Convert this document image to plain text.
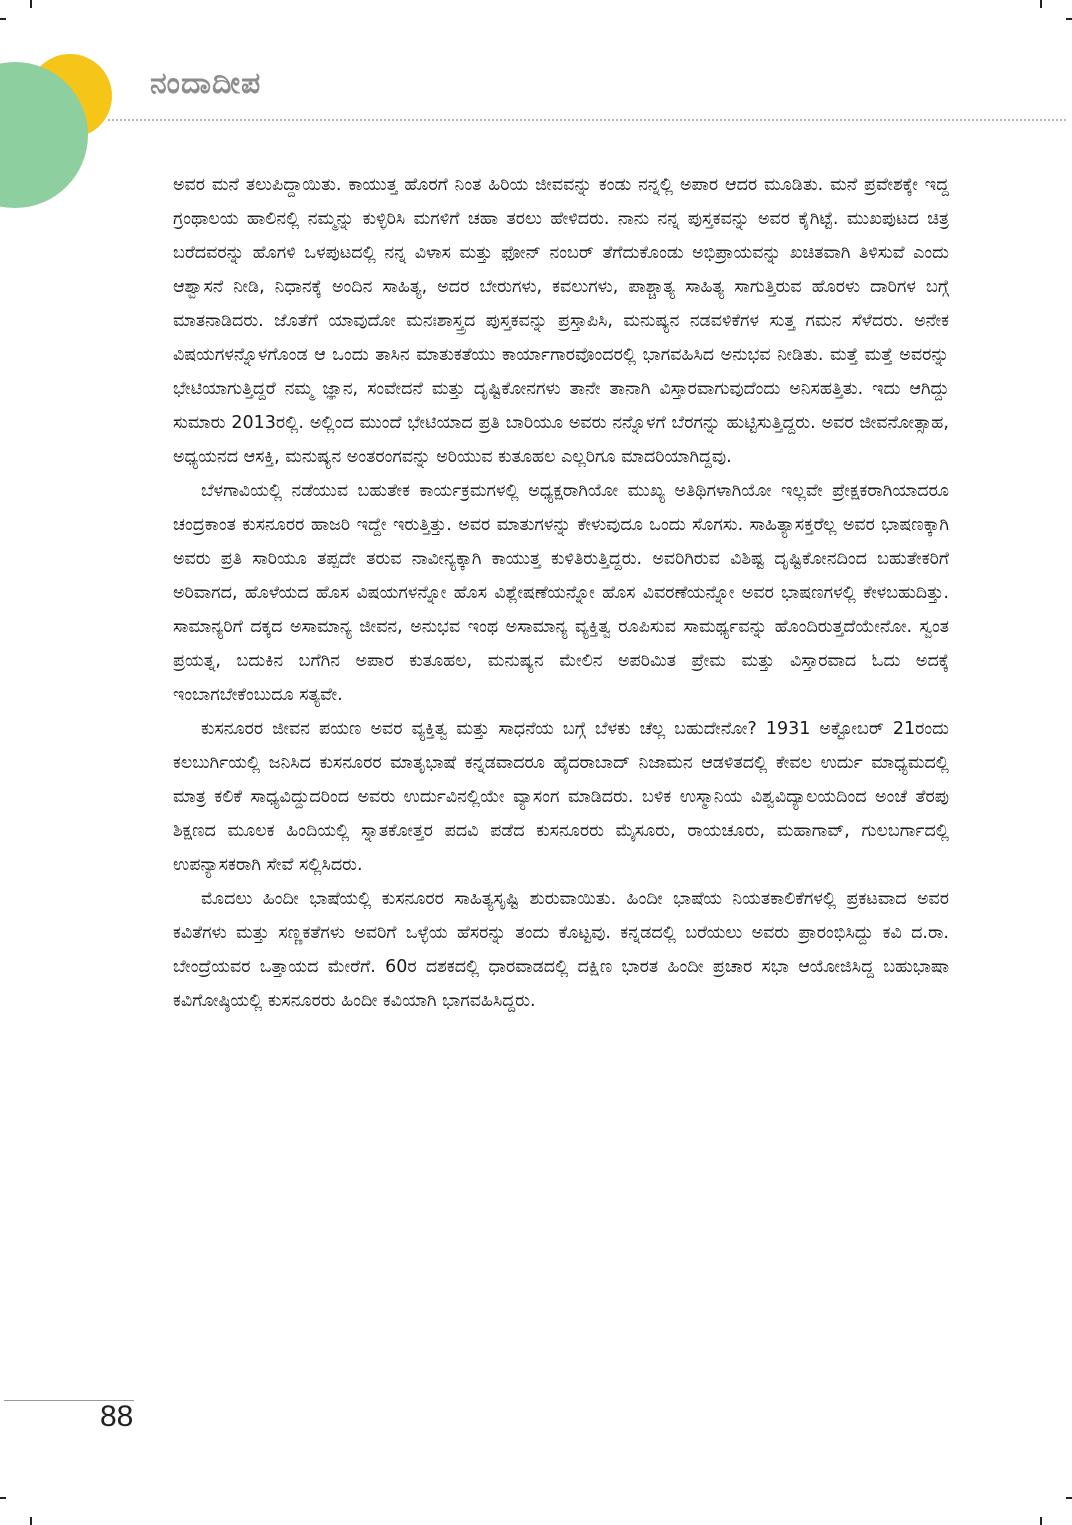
ನಂದಾದೀಪ

ಅವರ ಮನೆ ತಲುಪಿದ್ದಾಯಿತು. ಕಾಯುತ್ತ ಹೊರಗೆ ನಿಂತ ಹಿರಿಯ ಜೀವವನ್ನು ಕಂಡು ನನ್ನಲ್ಲಿ ಅಪಾರ ಆದರ ಮೂಡಿತು. ಮನೆ ಪ್ರವೇಶಕ್ಕೇ ಇದ್ದ ಗ್ರಂಥಾಲಯ ಹಾಲಿನಲ್ಲಿ ನಮ್ಮನ್ನು ಕುಳ್ಳಿರಿಸಿ ಮಗಳಿಗೆ ಚಹಾ ತರಲು ಹೇಳಿದರು. ನಾನು ನನ್ನ ಪುಸ್ತಕವನ್ನು ಅವರ ಕೈಗಿಟ್ಟೆ. ಮುಖಪುಟದ ಚಿತ್ರ ಬರೆದವರನ್ನು ಹೊಗಳಿ ಒಳಪುಟದಲ್ಲಿ ನನ್ನ ವಿಳಾಸ ಮತ್ತು ಫೋನ್ ನಂಬರ್ ತೆಗೆದುಕೊಂಡು ಅಭಿಪ್ರಾಯವನ್ನು ಖಚಿತವಾಗಿ ತಿಳಿಸುವೆ ಎಂದು ಆಶ್ವಾಸನೆ ನೀಡಿ, ನಿಧಾನಕ್ಕೆ ಅಂದಿನ ಸಾಹಿತ್ಯ, ಅದರ ಬೇರುಗಳು, ಕವಲುಗಳು, ಪಾಶ್ಚಾತ್ಯ ಸಾಹಿತ್ಯ ಸಾಗುತ್ತಿರುವ ಹೊರಳು ದಾರಿಗಳ ಬಗ್ಗೆ ಮಾತನಾಡಿದರು. ಜೊತೆಗೆ ಯಾವುದೋ ಮನಃಶಾಸ್ತ್ರದ ಪುಸ್ತಕವನ್ನು ಪ್ರಸ್ತಾಪಿಸಿ, ಮನುಷ್ಯನ ನಡವಳಿಕೆಗಳ ಸುತ್ತ ಗಮನ ಸೆಳೆದರು. ಅನೇಕ ವಿಷಯಗಳನ್ನೊಳಗೊಂಡ ಆ ಒಂದು ತಾಸಿನ ಮಾತುಕತೆಯು ಕಾರ್ಯಾಗಾರವೊಂದರಲ್ಲಿ ಭಾಗವಹಿಸಿದ ಅನುಭವ ನೀಡಿತು. ಮತ್ತೆ ಮತ್ತೆ ಅವರನ್ನು ಭೇಟಿಯಾಗುತ್ತಿದ್ದರೆ ನಮ್ಮ ಜ್ಞಾನ, ಸಂವೇದನೆ ಮತ್ತು ದೃಷ್ಟಿಕೋನಗಳು ತಾನೇ ತಾನಾಗಿ ವಿಸ್ತಾರವಾಗುವುದೆಂದು ಅನಿಸಹತ್ತಿತು. ಇದು ಆಗಿದ್ದು ಸುಮಾರು 2013ರಲ್ಲಿ. ಅಲ್ಲಿಂದ ಮುಂದೆ ಭೇಟಿಯಾದ ಪ್ರತಿ ಬಾರಿಯೂ ಅವರು ನನ್ನೊಳಗೆ ಬೆರಗನ್ನು ಹುಟ್ಟಿಸುತ್ತಿದ್ದರು. ಅವರ ಜೀವನೋತ್ಸಾಹ, ಅಧ್ಯಯನದ ಆಸಕ್ತಿ, ಮನುಷ್ಯನ ಅಂತರಂಗವನ್ನು ಅರಿಯುವ ಕುತೂಹಲ ಎಲ್ಲರಿಗೂ ಮಾದರಿಯಾಗಿದ್ದವು.

ಬೆಳಗಾವಿಯಲ್ಲಿ ನಡೆಯುವ ಬಹುತೇಕ ಕಾರ್ಯಕ್ರಮಗಳಲ್ಲಿ ಅಧ್ಯಕ್ಷರಾಗಿಯೋ ಮುಖ್ಯ ಅತಿಥಿಗಳಾಗಿಯೋ ಇಲ್ಲವೇ ಪ್ರೇಕ್ಷಕರಾಗಿಯಾದರೂ ಚಂದ್ರಕಾಂತ ಕುಸನೂರರ ಹಾಜರಿ ಇದ್ದೇ ಇರುತ್ತಿತ್ತು. ಅವರ ಮಾತುಗಳನ್ನು ಕೇಳುವುದೂ ಒಂದು ಸೊಗಸು. ಸಾಹಿತ್ಯಾಸಕ್ತರೆಲ್ಲ ಅವರ ಭಾಷಣಕ್ಕಾಗಿ ಅವರು ಪ್ರತಿ ಸಾರಿಯೂ ತಪ್ಪದೇ ತರುವ ನಾವೀನ್ಯಕ್ಕಾಗಿ ಕಾಯುತ್ತ ಕುಳಿತಿರುತ್ತಿದ್ದರು. ಅವರಿಗಿರುವ ವಿಶಿಷ್ಟ ದೃಷ್ಟಿಕೋನದಿಂದ ಬಹುತೇಕರಿಗೆ ಅರಿವಾಗದ, ಹೊಳೆಯದ ಹೊಸ ವಿಷಯಗಳನ್ನೋ ಹೊಸ ವಿಶ್ಲೇಷಣೆಯನ್ನೋ ಹೊಸ ವಿವರಣೆಯನ್ನೋ ಅವರ ಭಾಷಣಗಳಲ್ಲಿ ಕೇಳಬಹುದಿತ್ತು. ಸಾಮಾನ್ಯರಿಗೆ ದಕ್ಕದ ಅಸಾಮಾನ್ಯ ಜೀವನ, ಅನುಭವ ಇಂಥ ಅಸಾಮಾನ್ಯ ವ್ಯಕ್ತಿತ್ವ ರೂಪಿಸುವ ಸಾಮರ್ಥ್ಯವನ್ನು ಹೊಂದಿರುತ್ತದೆಯೇನೋ. ಸ್ವಂತ ಪ್ರಯತ್ನ, ಬದುಕಿನ ಬಗೆಗಿನ ಅಪಾರ ಕುತೂಹಲ, ಮನುಷ್ಯನ ಮೇಲಿನ ಅಪರಿಮಿತ ಪ್ರೇಮ ಮತ್ತು ವಿಸ್ತಾರವಾದ ಓದು ಅದಕ್ಕೆ ಇಂಬಾಗಬೇಕೆಂಬುದೂ ಸತ್ಯವೇ.

ಕುಸನೂರರ ಜೀವನ ಪಯಣ ಅವರ ವ್ಯಕ್ತಿತ್ವ ಮತ್ತು ಸಾಧನೆಯ ಬಗ್ಗೆ ಬೆಳಕು ಚೆಲ್ಲ ಬಹುದೇನೋ? 1931 ಅಕ್ಟೋಬರ್ 21ರಂದು ಕಲಬುರ್ಗಿಯಲ್ಲಿ ಜನಿಸಿದ ಕುಸನೂರರ ಮಾತೃಭಾಷೆ ಕನ್ನಡವಾದರೂ ಹೈದರಾಬಾದ್ ನಿಜಾಮನ ಆಡಳಿತದಲ್ಲಿ ಕೇವಲ ಉರ್ದು ಮಾಧ್ಯಮದಲ್ಲಿ ಮಾತ್ರ ಕಲಿಕೆ ಸಾಧ್ಯವಿದ್ದುದರಿಂದ ಅವರು ಉರ್ದುವಿನಲ್ಲಿಯೇ ವ್ಯಾಸಂಗ ಮಾಡಿದರು. ಬಳಿಕ ಉಸ್ಮಾನಿಯ ವಿಶ್ವವಿದ್ಯಾಲಯದಿಂದ ಅಂಚೆ ತೆರಪು ಶಿಕ್ಷಣದ ಮೂಲಕ ಹಿಂದಿಯಲ್ಲಿ ಸ್ನಾತಕೋತ್ತರ ಪದವಿ ಪಡೆದ ಕುಸನೂರರು ಮೈಸೂರು, ರಾಯಚೂರು, ಮಹಾಗಾವ್, ಗುಲಬರ್ಗಾದಲ್ಲಿ ಉಪನ್ಯಾಸಕರಾಗಿ ಸೇವೆ ಸಲ್ಲಿಸಿದರು.

ಮೊದಲು ಹಿಂದೀ ಭಾಷೆಯಲ್ಲಿ ಕುಸನೂರರ ಸಾಹಿತ್ಯಸೃಷ್ಟಿ ಶುರುವಾಯಿತು. ಹಿಂದೀ ಭಾಷೆಯ ನಿಯತಕಾಲಿಕೆಗಳಲ್ಲಿ ಪ್ರಕಟವಾದ ಅವರ ಕವಿತೆಗಳು ಮತ್ತು ಸಣ್ಣಕತೆಗಳು ಅವರಿಗೆ ಒಳ್ಳೆಯ ಹೆಸರನ್ನು ತಂದು ಕೊಟ್ಟವು. ಕನ್ನಡದಲ್ಲಿ ಬರೆಯಲು ಅವರು ಪ್ರಾರಂಭಿಸಿದ್ದು ಕವಿ ದ.ರಾ. ಬೇಂದ್ರೆಯವರ ಒತ್ತಾಯದ ಮೇರೆಗೆ. 60ರ ದಶಕದಲ್ಲಿ ಧಾರವಾಡದಲ್ಲಿ ದಕ್ಷಿಣ ಭಾರತ ಹಿಂದೀ ಪ್ರಚಾರ ಸಭಾ ಆಯೋಜಿಸಿದ್ದ ಬಹುಭಾಷಾ ಕವಿಗೋಷ್ಠಿಯಲ್ಲಿ ಕುಸನೂರರು ಹಿಂದೀ ಕವಿಯಾಗಿ ಭಾಗವಹಿಸಿದ್ದರು.

88
